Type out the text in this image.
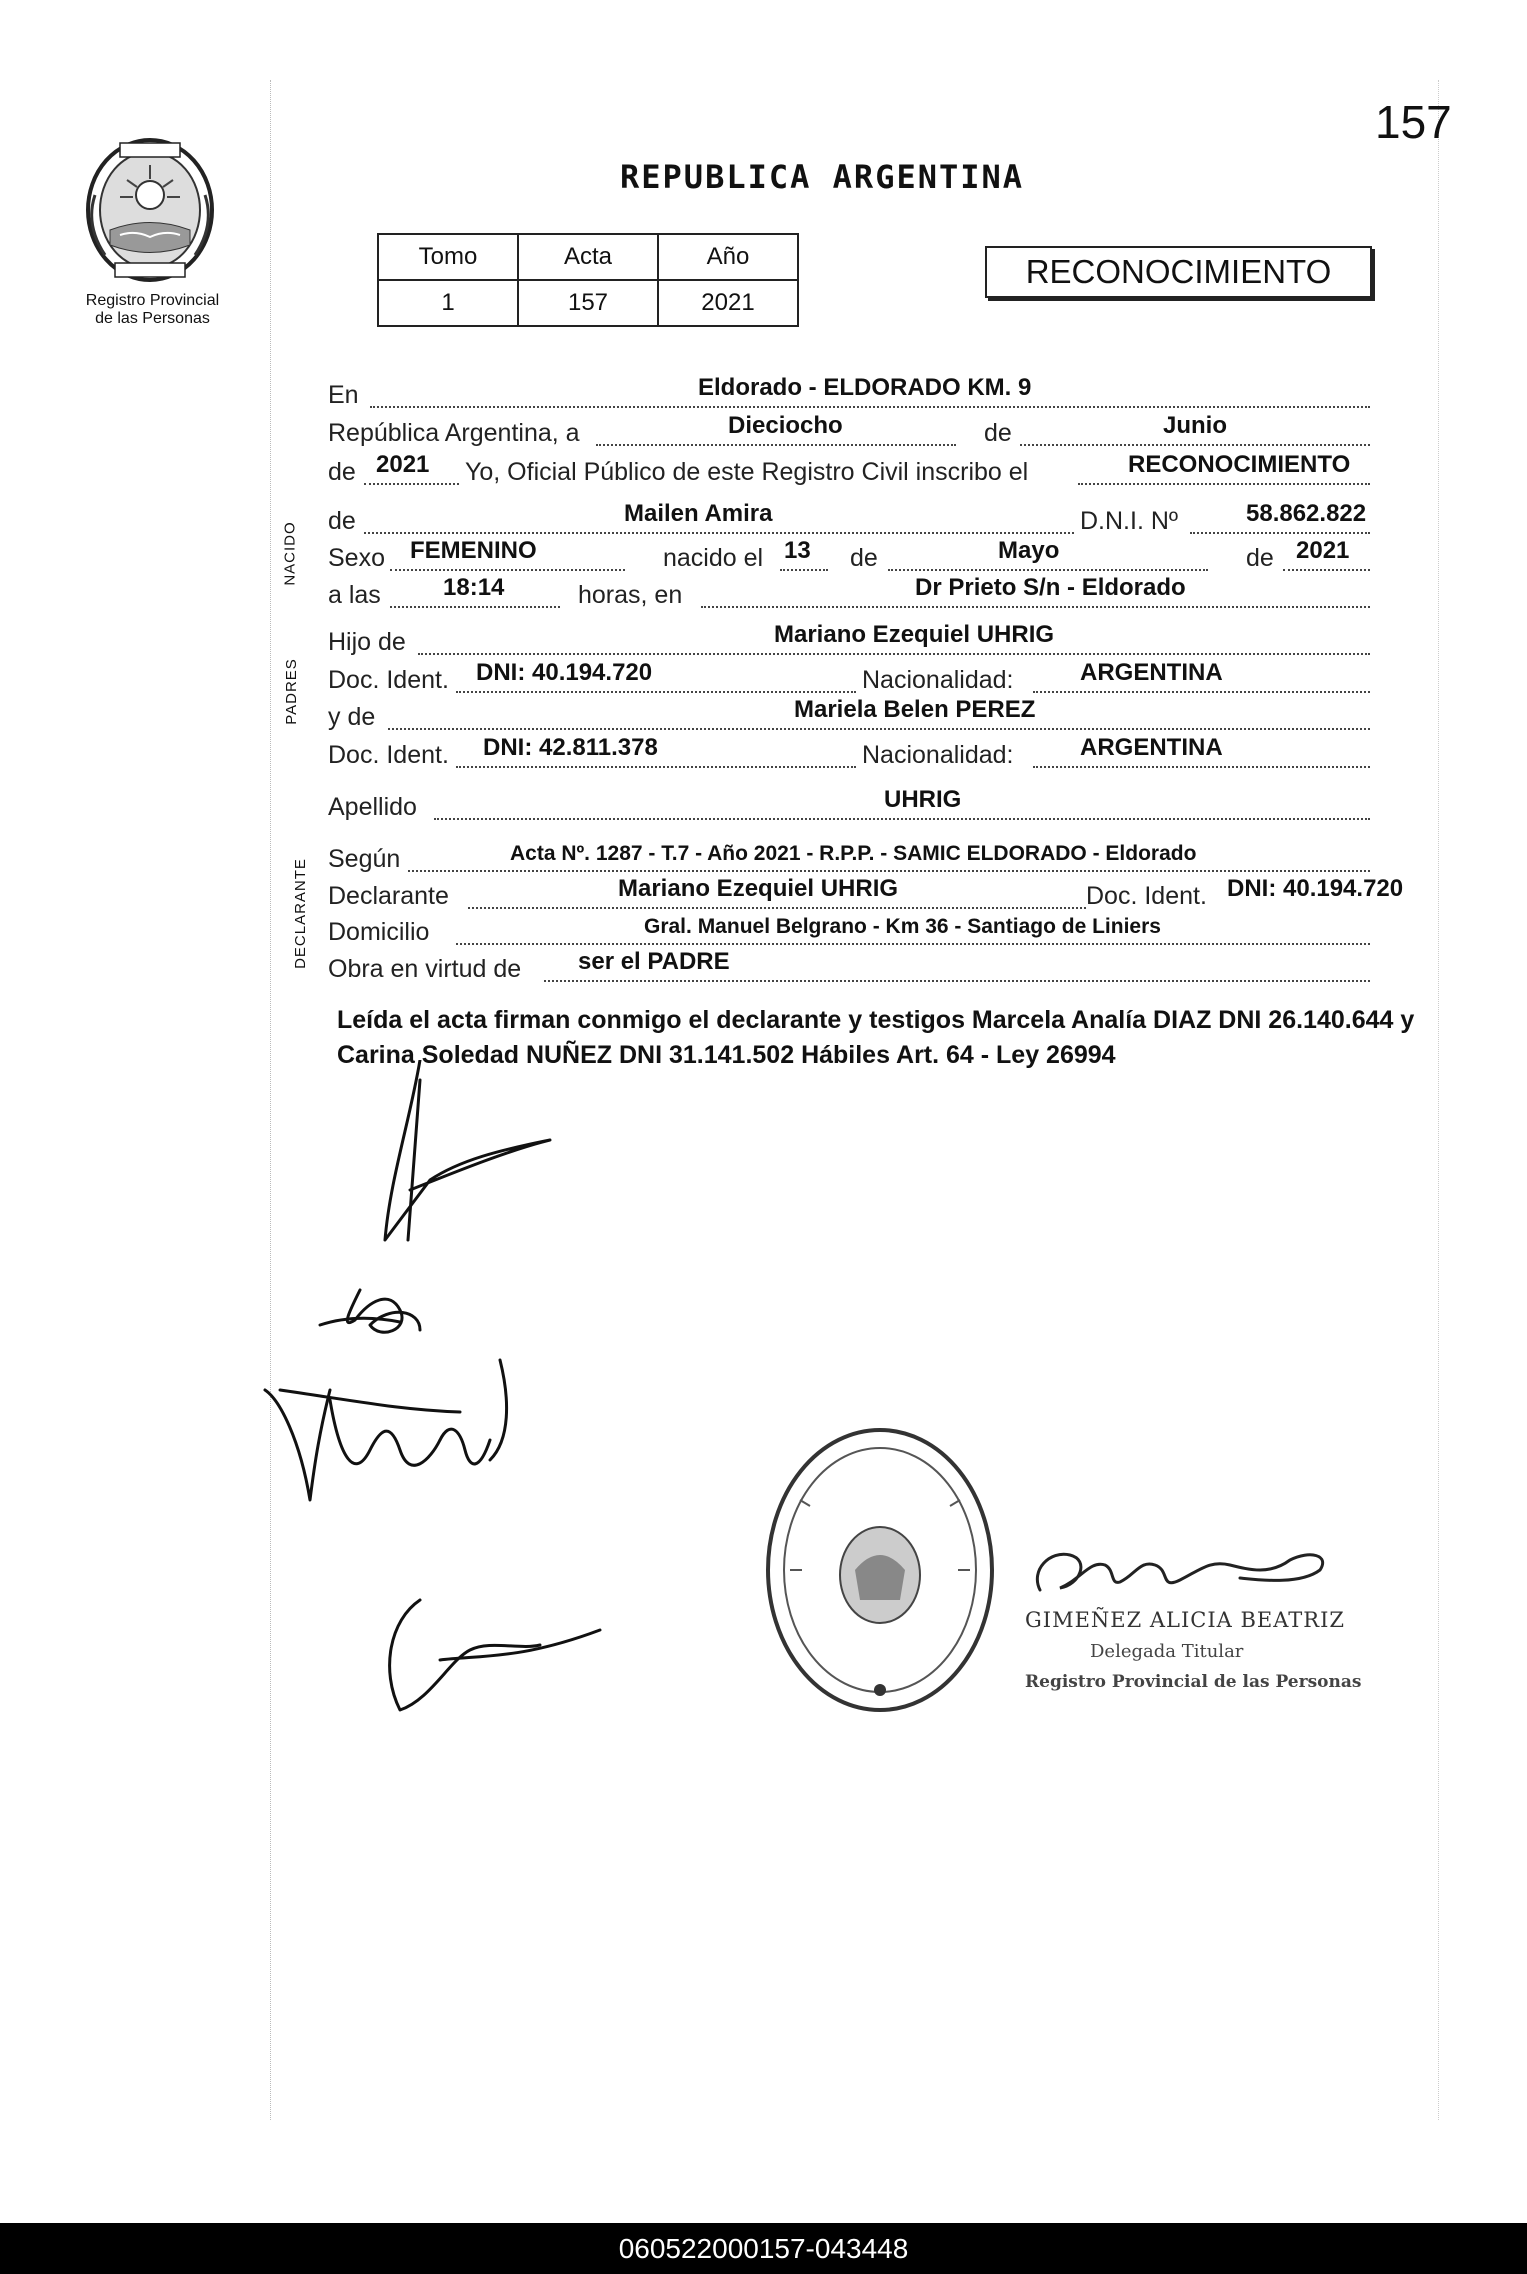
157
Registro Provincial
de las Personas
REPUBLICA ARGENTINA
Tomo	Acta	Año
1	157	2021
RECONOCIMIENTO
NACIDO
PADRES
DECLARANTE
En	Eldorado - ELDORADO KM. 9
República Argentina, a	Dieciocho	de	Junio
de 2021 Yo, Oficial Público de este Registro Civil inscribo el	RECONOCIMIENTO
de	Mailen Amira	D.N.I. Nº	58.862.822
Sexo FEMENINO	nacido el 13 de	Mayo	de 2021
a las	18:14	horas, en	Dr Prieto S/n - Eldorado
Hijo de	Mariano Ezequiel UHRIG
Doc. Ident. DNI: 40.194.720	Nacionalidad:	ARGENTINA
y de	Mariela Belen PEREZ
Doc. Ident. DNI: 42.811.378	Nacionalidad:	ARGENTINA
Apellido	UHRIG
Según	Acta Nº. 1287 - T.7 - Año 2021 - R.P.P. - SAMIC ELDORADO - Eldorado
Declarante	Mariano Ezequiel UHRIG	Doc. Ident. DNI: 40.194.720
Domicilio	Gral. Manuel Belgrano - Km 36 - Santiago de Liniers
Obra en virtud de ser el PADRE
Leída el acta firman conmigo el declarante y testigos Marcela Analía DIAZ DNI 26.140.644 y Carina Soledad NUÑEZ DNI 31.141.502 Hábiles Art. 64 - Ley 26994
GIMEÑEZ ALICIA BEATRIZ
Delegada Titular
Registro Provincial de las Personas
060522000157-043448
